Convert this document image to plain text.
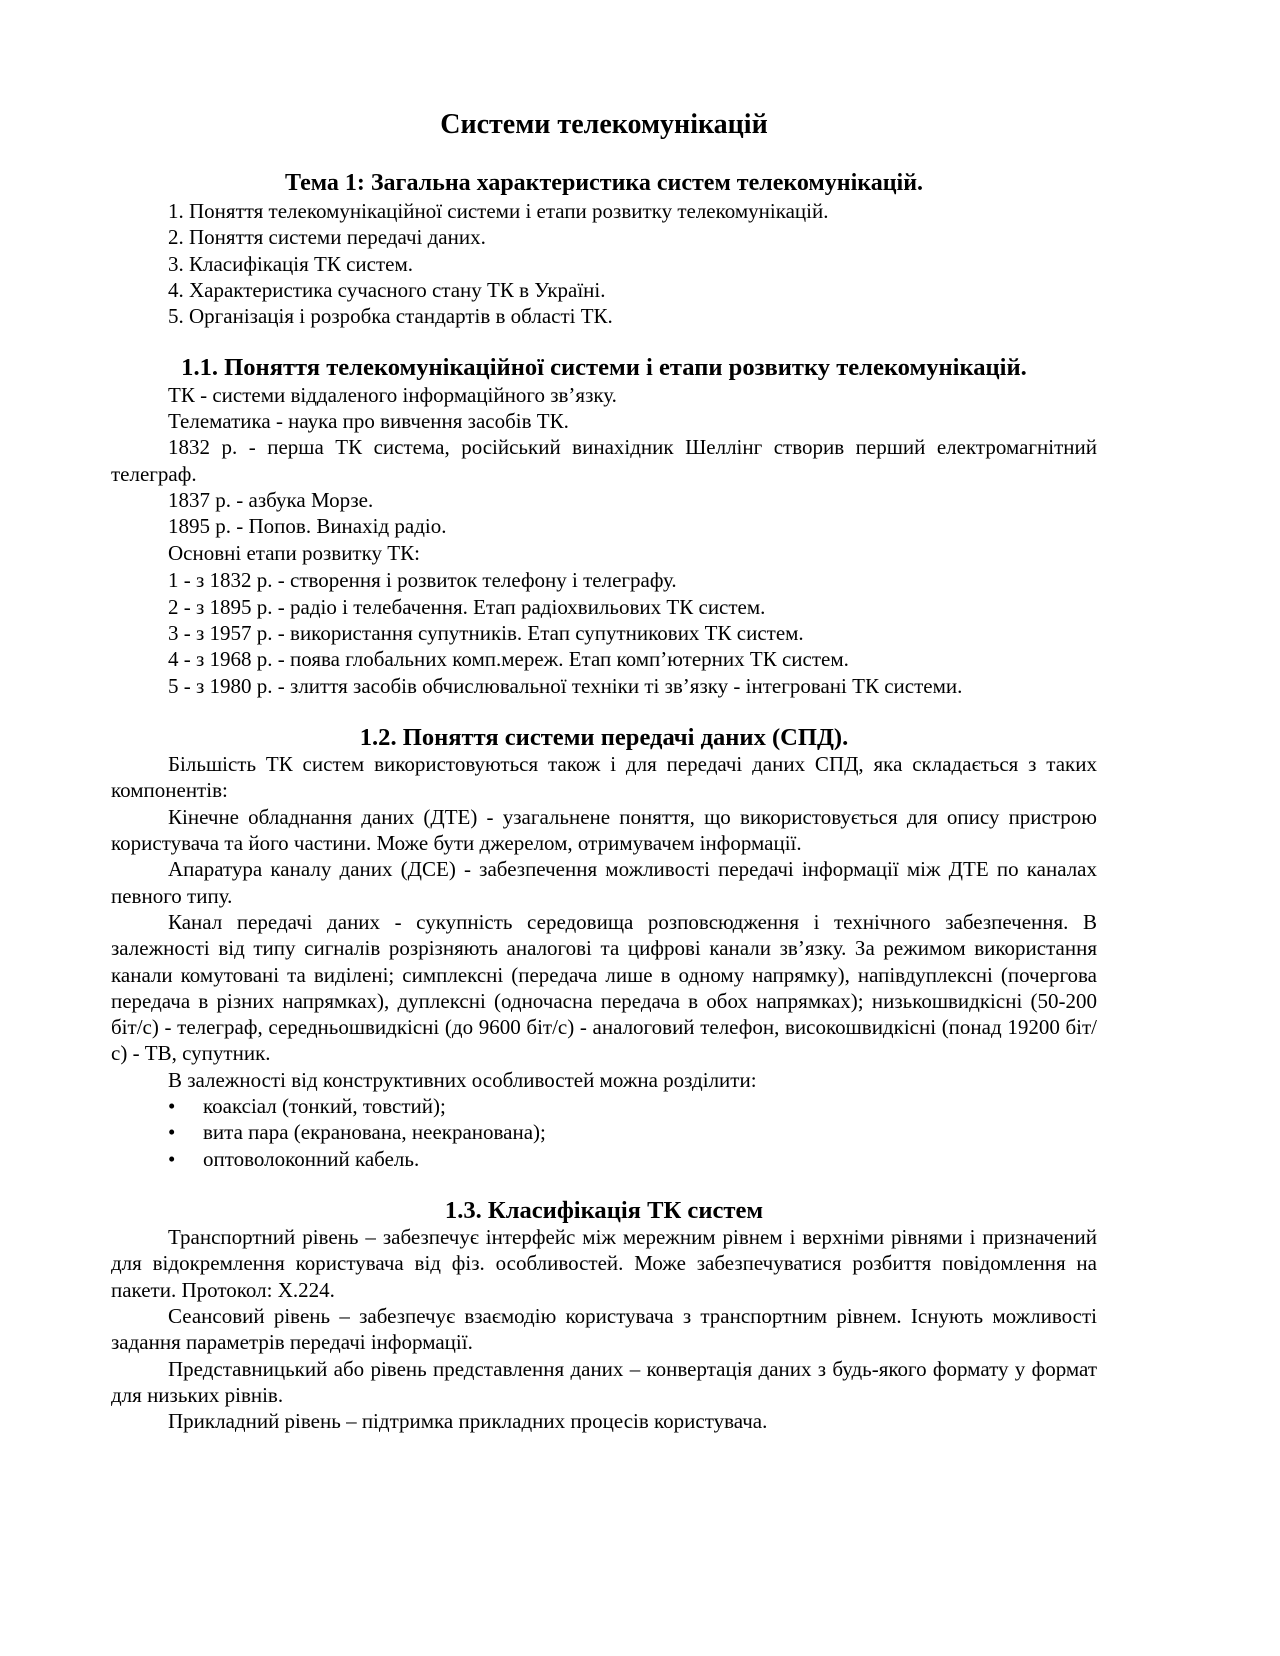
Системи телекомунікацій
Тема 1: Загальна характеристика систем телекомунікацій.
1. Поняття телекомунікаційної системи і етапи розвитку телекомунікацій.
2. Поняття системи передачі даних.
3. Класифікація ТК систем.
4. Характеристика сучасного стану ТК в Україні.
5. Організація і розробка стандартів в області ТК.
1.1. Поняття телекомунікаційної системи і етапи розвитку телекомунікацій.

ТК - системи віддаленого інформаційного зв’язку.

Телематика - наука про вивчення засобів ТК.

1832 р. - перша ТК система, російський винахідник Шеллінг створив перший електромагнітний телеграф.

1837 р. - азбука Морзе.

1895 р. - Попов. Винахід радіо.

Основні етапи розвитку ТК:

1 - з 1832 р. - створення і розвиток телефону і телеграфу.

2 - з 1895 р. - радіо і телебачення. Етап радіохвильових ТК систем.

3 - з 1957 р. - використання супутників. Етап супутникових ТК систем.

4 - з 1968 р. - поява глобальних комп.мереж. Етап комп’ютерних ТК систем.

5 - з 1980 р. - злиття засобів обчислювальної техніки ті зв’язку - інтегровані ТК системи.

1.2. Поняття системи передачі даних (СПД).

Більшість ТК систем використовуються також і для передачі даних СПД, яка складається з таких компонентів:

Кінечне обладнання даних (ДТЕ) - узагальнене поняття, що використовується для опису пристрою користувача та його частини. Може бути джерелом, отримувачем інформації.

Апаратура каналу даних (ДСЕ) - забезпечення можливості передачі інформації між ДТЕ по каналах певного типу.

Канал передачі даних - сукупність середовища розповсюдження і технічного забезпечення. В залежності від типу сигналів розрізняють аналогові та цифрові канали зв’язку. За режимом використання канали комутовані та виділені; симплексні (передача лише в одному напрямку), напівдуплексні (почергова передача в різних напрямках), дуплексні (одночасна передача в обох напрямках); низькошвидкісні (50-200 біт/с) - телеграф, середньошвидкісні (до 9600 біт/с) - аналоговий телефон, високошвидкісні (понад 19200 біт/с) - ТВ, супутник.

В залежності від конструктивних особливостей можна розділити:

• коаксіал (тонкий, товстий);
• вита пара (екранована, неекранована);
• оптоволоконний кабель.
1.3. Класифікація ТК систем

Транспортний рівень – забезпечує інтерфейс між мережним рівнем і верхніми рівнями і призначений для відокремлення користувача від фіз. особливостей. Може забезпечуватися розбиття повідомлення на пакети. Протокол: X.224.

Сеансовий рівень – забезпечує взаємодію користувача з транспортним рівнем. Існують можливості задання параметрів передачі інформації.

Представницький або рівень представлення даних – конвертація даних з будь-якого формату у формат для низьких рівнів.

Прикладний рівень – підтримка прикладних процесів користувача.
